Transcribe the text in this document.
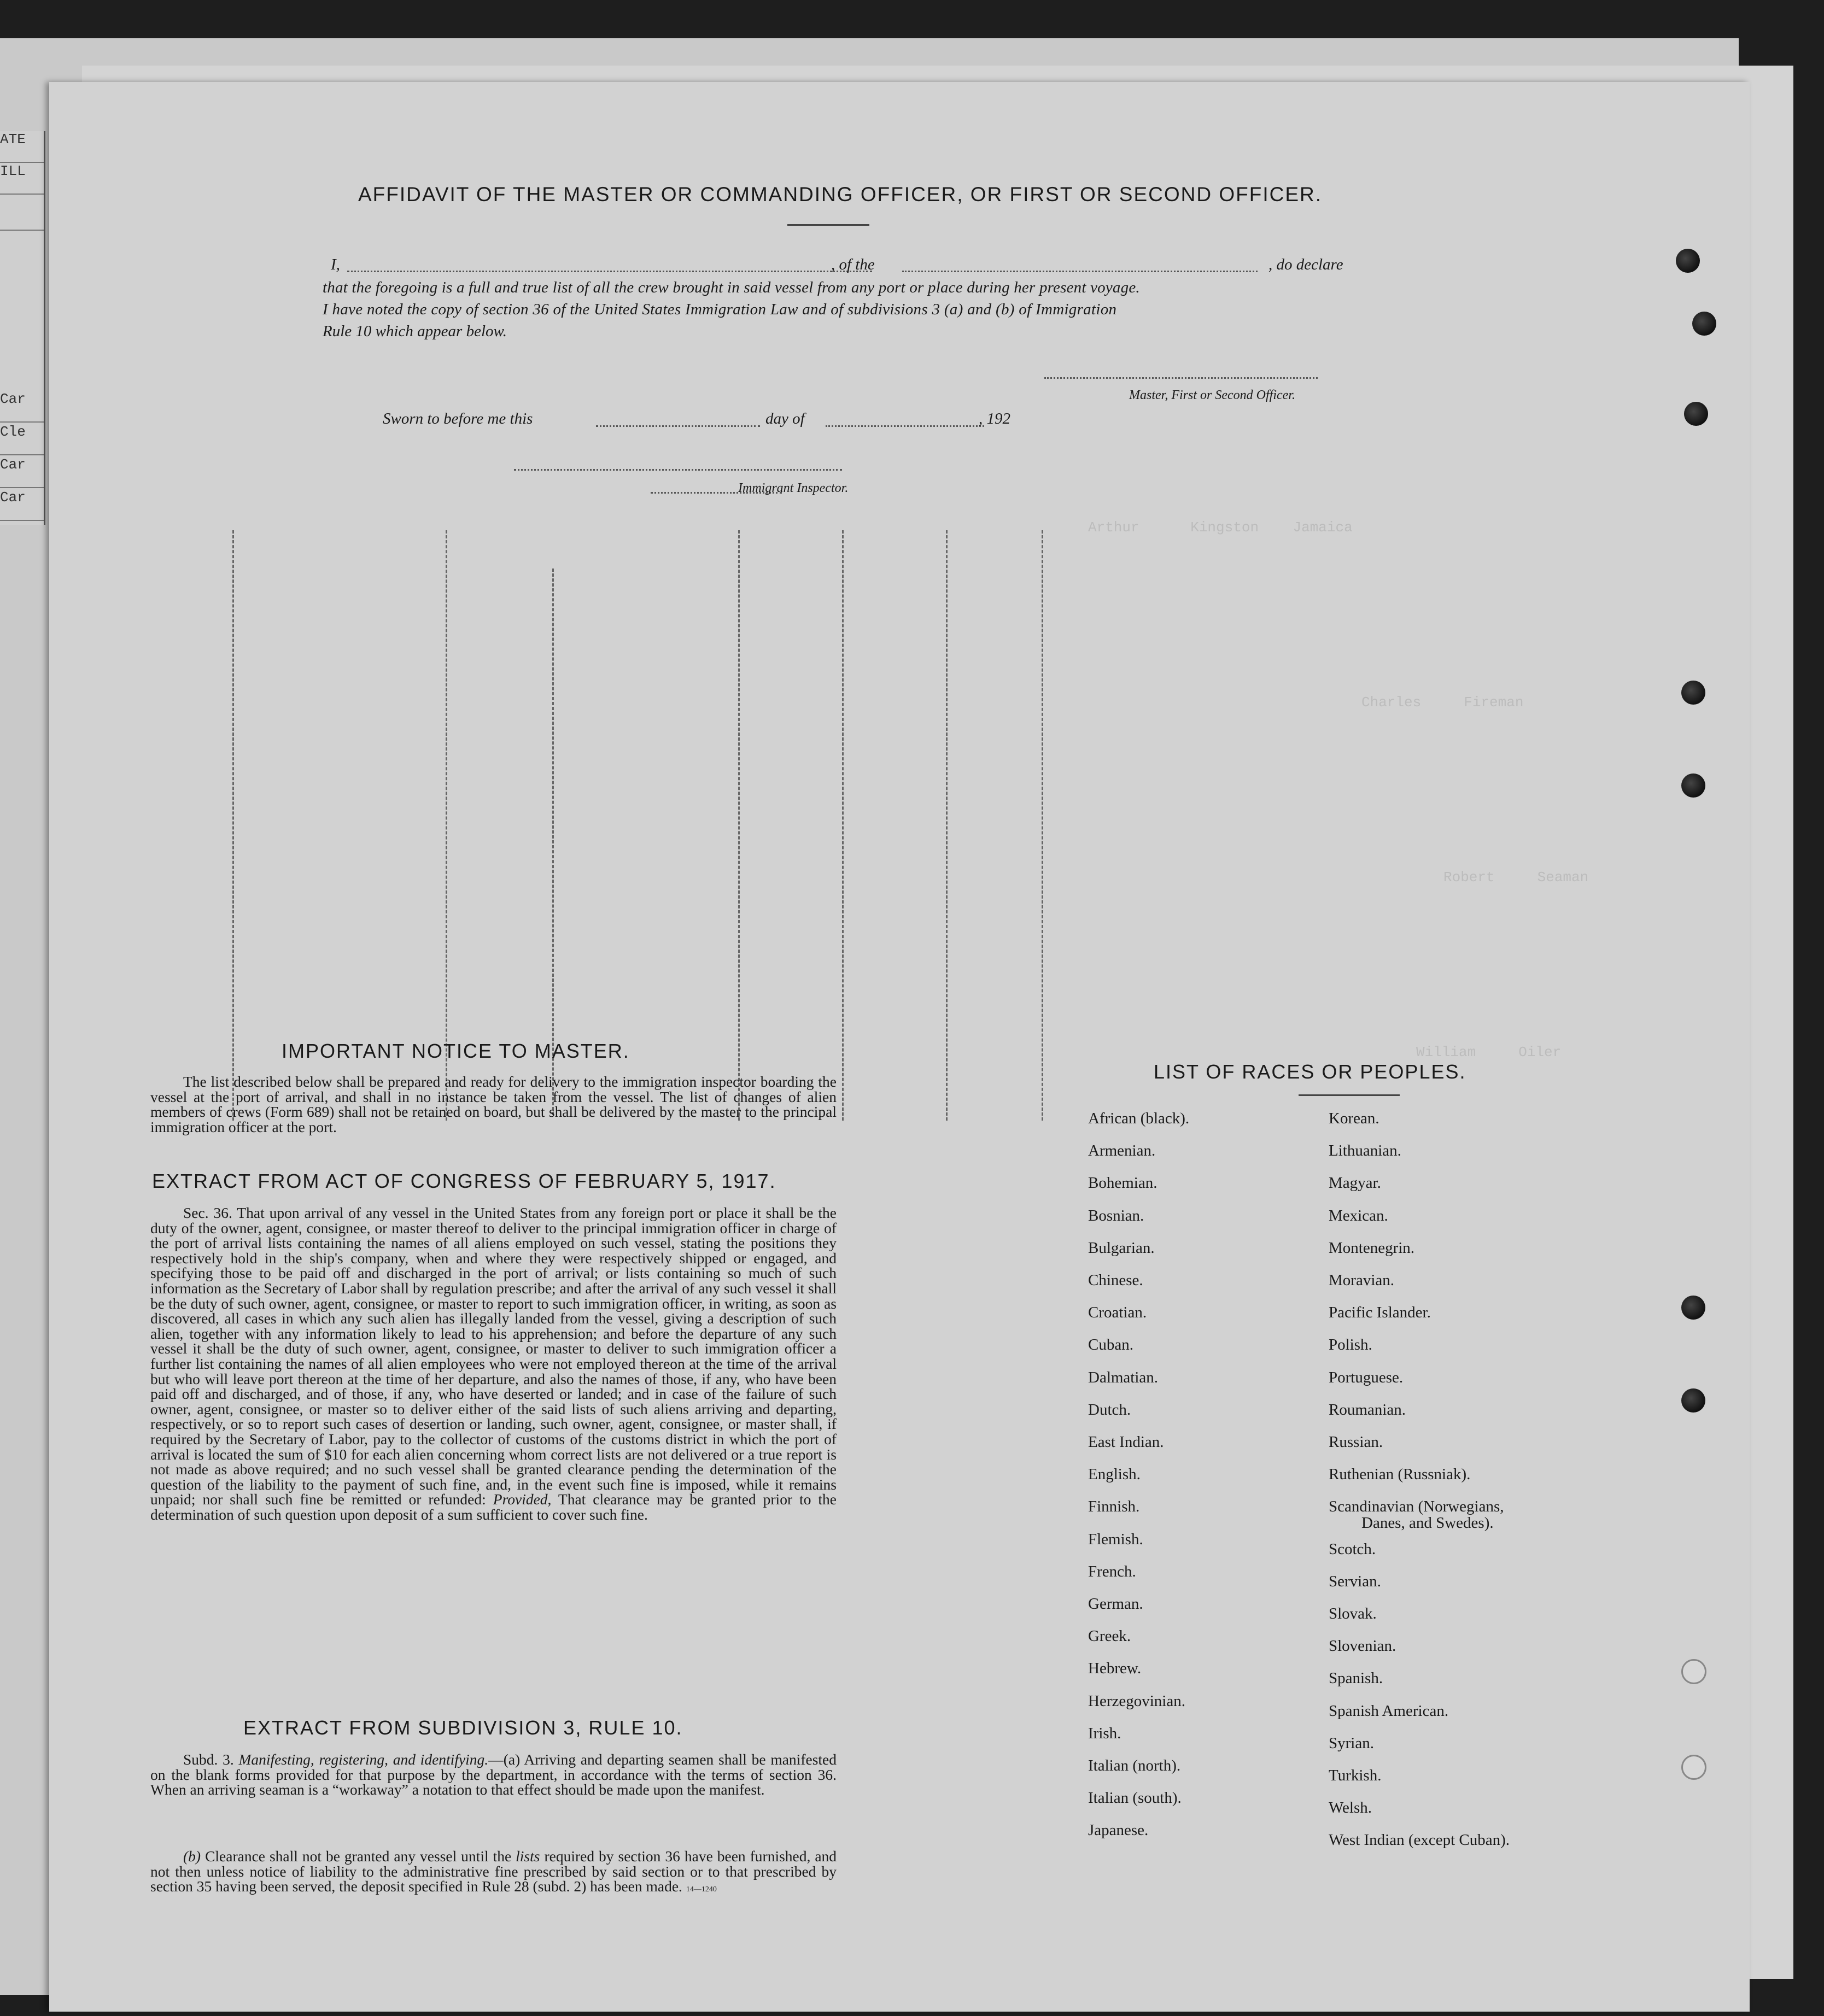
ATE
ILL
Car
Cle
Car
Car
Arthur      Kingston    Jamaica
Charles     Fireman
Robert     Seaman
William     Oiler
AFFIDAVIT OF THE MASTER OR COMMANDING OFFICER, OR FIRST OR SECOND OFFICER.
I,	, of the	, do declare
that the foregoing is a full and true list of all the crew brought in said vessel from any port or place during her present voyage.
I have noted the copy of section 36 of the United States Immigration Law and of subdivisions 3 (a) and (b) of Immigration
Rule 10 which appear below.
Master, First or Second Officer.
Sworn to before me this	day of	, 192
Immigrant Inspector.
IMPORTANT NOTICE TO MASTER.
The list described below shall be prepared and ready for delivery to the immigration inspector boarding the vessel at the port of arrival, and shall in no instance be taken from the vessel. The list of changes of alien members of crews (Form 689) shall not be retained on board, but shall be delivered by the master to the principal immigration officer at the port.
EXTRACT FROM ACT OF CONGRESS OF FEBRUARY 5, 1917.
Sec. 36. That upon arrival of any vessel in the United States from any foreign port or place it shall be the duty of the owner, agent, consignee, or master thereof to deliver to the principal immigration officer in charge of the port of arrival lists containing the names of all aliens employed on such vessel, stating the positions they respectively hold in the ship's company, when and where they were respectively shipped or engaged, and specifying those to be paid off and discharged in the port of arrival; or lists containing so much of such information as the Secretary of Labor shall by regulation prescribe; and after the arrival of any such vessel it shall be the duty of such owner, agent, consignee, or master to report to such immigration officer, in writing, as soon as discovered, all cases in which any such alien has illegally landed from the vessel, giving a description of such alien, together with any information likely to lead to his apprehension; and before the departure of any such vessel it shall be the duty of such owner, agent, consignee, or master to deliver to such immigration officer a further list containing the names of all alien employees who were not employed thereon at the time of the arrival but who will leave port thereon at the time of her departure, and also the names of those, if any, who have been paid off and discharged, and of those, if any, who have deserted or landed; and in case of the failure of such owner, agent, consignee, or master so to deliver either of the said lists of such aliens arriving and departing, respectively, or so to report such cases of desertion or landing, such owner, agent, consignee, or master shall, if required by the Secretary of Labor, pay to the collector of customs of the customs district in which the port of arrival is located the sum of $10 for each alien concerning whom correct lists are not delivered or a true report is not made as above required; and no such vessel shall be granted clearance pending the determination of the question of the liability to the payment of such fine, and, in the event such fine is imposed, while it remains unpaid; nor shall such fine be remitted or refunded: Provided, That clearance may be granted prior to the determination of such question upon deposit of a sum sufficient to cover such fine.
EXTRACT FROM SUBDIVISION 3, RULE 10.
Subd. 3. Manifesting, registering, and identifying.—(a) Arriving and departing seamen shall be manifested on the blank forms provided for that purpose by the department, in accordance with the terms of section 36. When an arriving seaman is a “workaway” a notation to that effect should be made upon the manifest.
(b) Clearance shall not be granted any vessel until the lists required by section 36 have been furnished, and not then unless notice of liability to the administrative fine prescribed by said section or to that prescribed by section 35 having been served, the deposit specified in Rule 28 (subd. 2) has been made. 14—1240
LIST OF RACES OR PEOPLES.
African (black).
Armenian.
Bohemian.
Bosnian.
Bulgarian.
Chinese.
Croatian.
Cuban.
Dalmatian.
Dutch.
East Indian.
English.
Finnish.
Flemish.
French.
German.
Greek.
Hebrew.
Herzegovinian.
Irish.
Italian (north).
Italian (south).
Japanese.
Korean.
Lithuanian.
Magyar.
Mexican.
Montenegrin.
Moravian.
Pacific Islander.
Polish.
Portuguese.
Roumanian.
Russian.
Ruthenian (Russniak).
Scandinavian (Norwegians,
Danes, and Swedes).
Scotch.
Servian.
Slovak.
Slovenian.
Spanish.
Spanish American.
Syrian.
Turkish.
Welsh.
West Indian (except Cuban).
